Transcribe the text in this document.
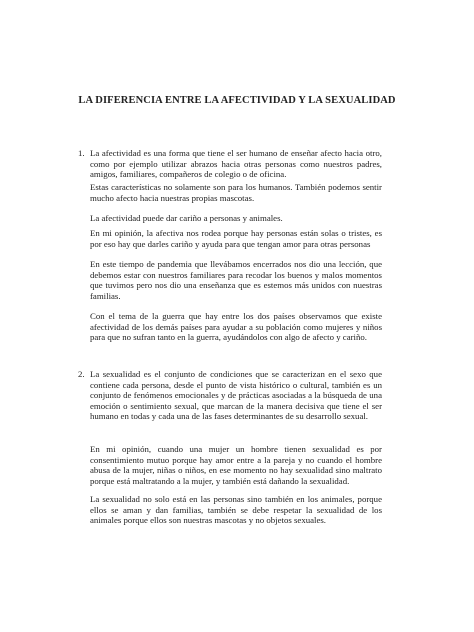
LA DIFERENCIA ENTRE LA AFECTIVIDAD Y LA SEXUALIDAD
1. La afectividad es una forma que tiene el ser humano de enseñar afecto hacia otro, como por ejemplo utilizar abrazos hacia otras personas como nuestros padres, amigos, familiares, compañeros de colegio o de oficina.

Estas características no solamente son para los humanos. También podemos sentir mucho afecto hacia nuestras propias mascotas.

La afectividad puede dar cariño a personas y animales.

En mi opinión, la afectiva nos rodea porque hay personas están solas o tristes, es por eso hay que darles cariño y ayuda para que tengan amor para otras personas

En este tiempo de pandemia que llevábamos encerrados nos dio una lección, que debemos estar con nuestros familiares para recodar los buenos y malos momentos que tuvimos pero nos dio una enseñanza que es estemos más unidos con nuestras familias.

Con el tema de la guerra que hay entre los dos países observamos que existe afectividad de los demás países para ayudar a su población como mujeres y niños para que no sufran tanto en la guerra, ayudándolos con algo de afecto y cariño.

2. La sexualidad es el conjunto de condiciones que se caracterizan en el sexo que contiene cada persona, desde el punto de vista histórico o cultural, también es un conjunto de fenómenos emocionales y de prácticas asociadas a la búsqueda de una emoción o sentimiento sexual, que marcan de la manera decisiva que tiene el ser humano en todas y cada una de las fases determinantes de su desarrollo sexual.

En mi opinión, cuando una mujer un hombre tienen sexualidad es por consentimiento mutuo porque hay amor entre a la pareja y no cuando el hombre abusa de la mujer, niñas o niños, en ese momento no hay sexualidad sino maltrato porque está maltratando a la mujer, y también está dañando la sexualidad.

La sexualidad no solo está en las personas sino también en los animales, porque ellos se aman y dan familias, también se debe respetar la sexualidad de los animales porque ellos son nuestras mascotas y no objetos sexuales.
